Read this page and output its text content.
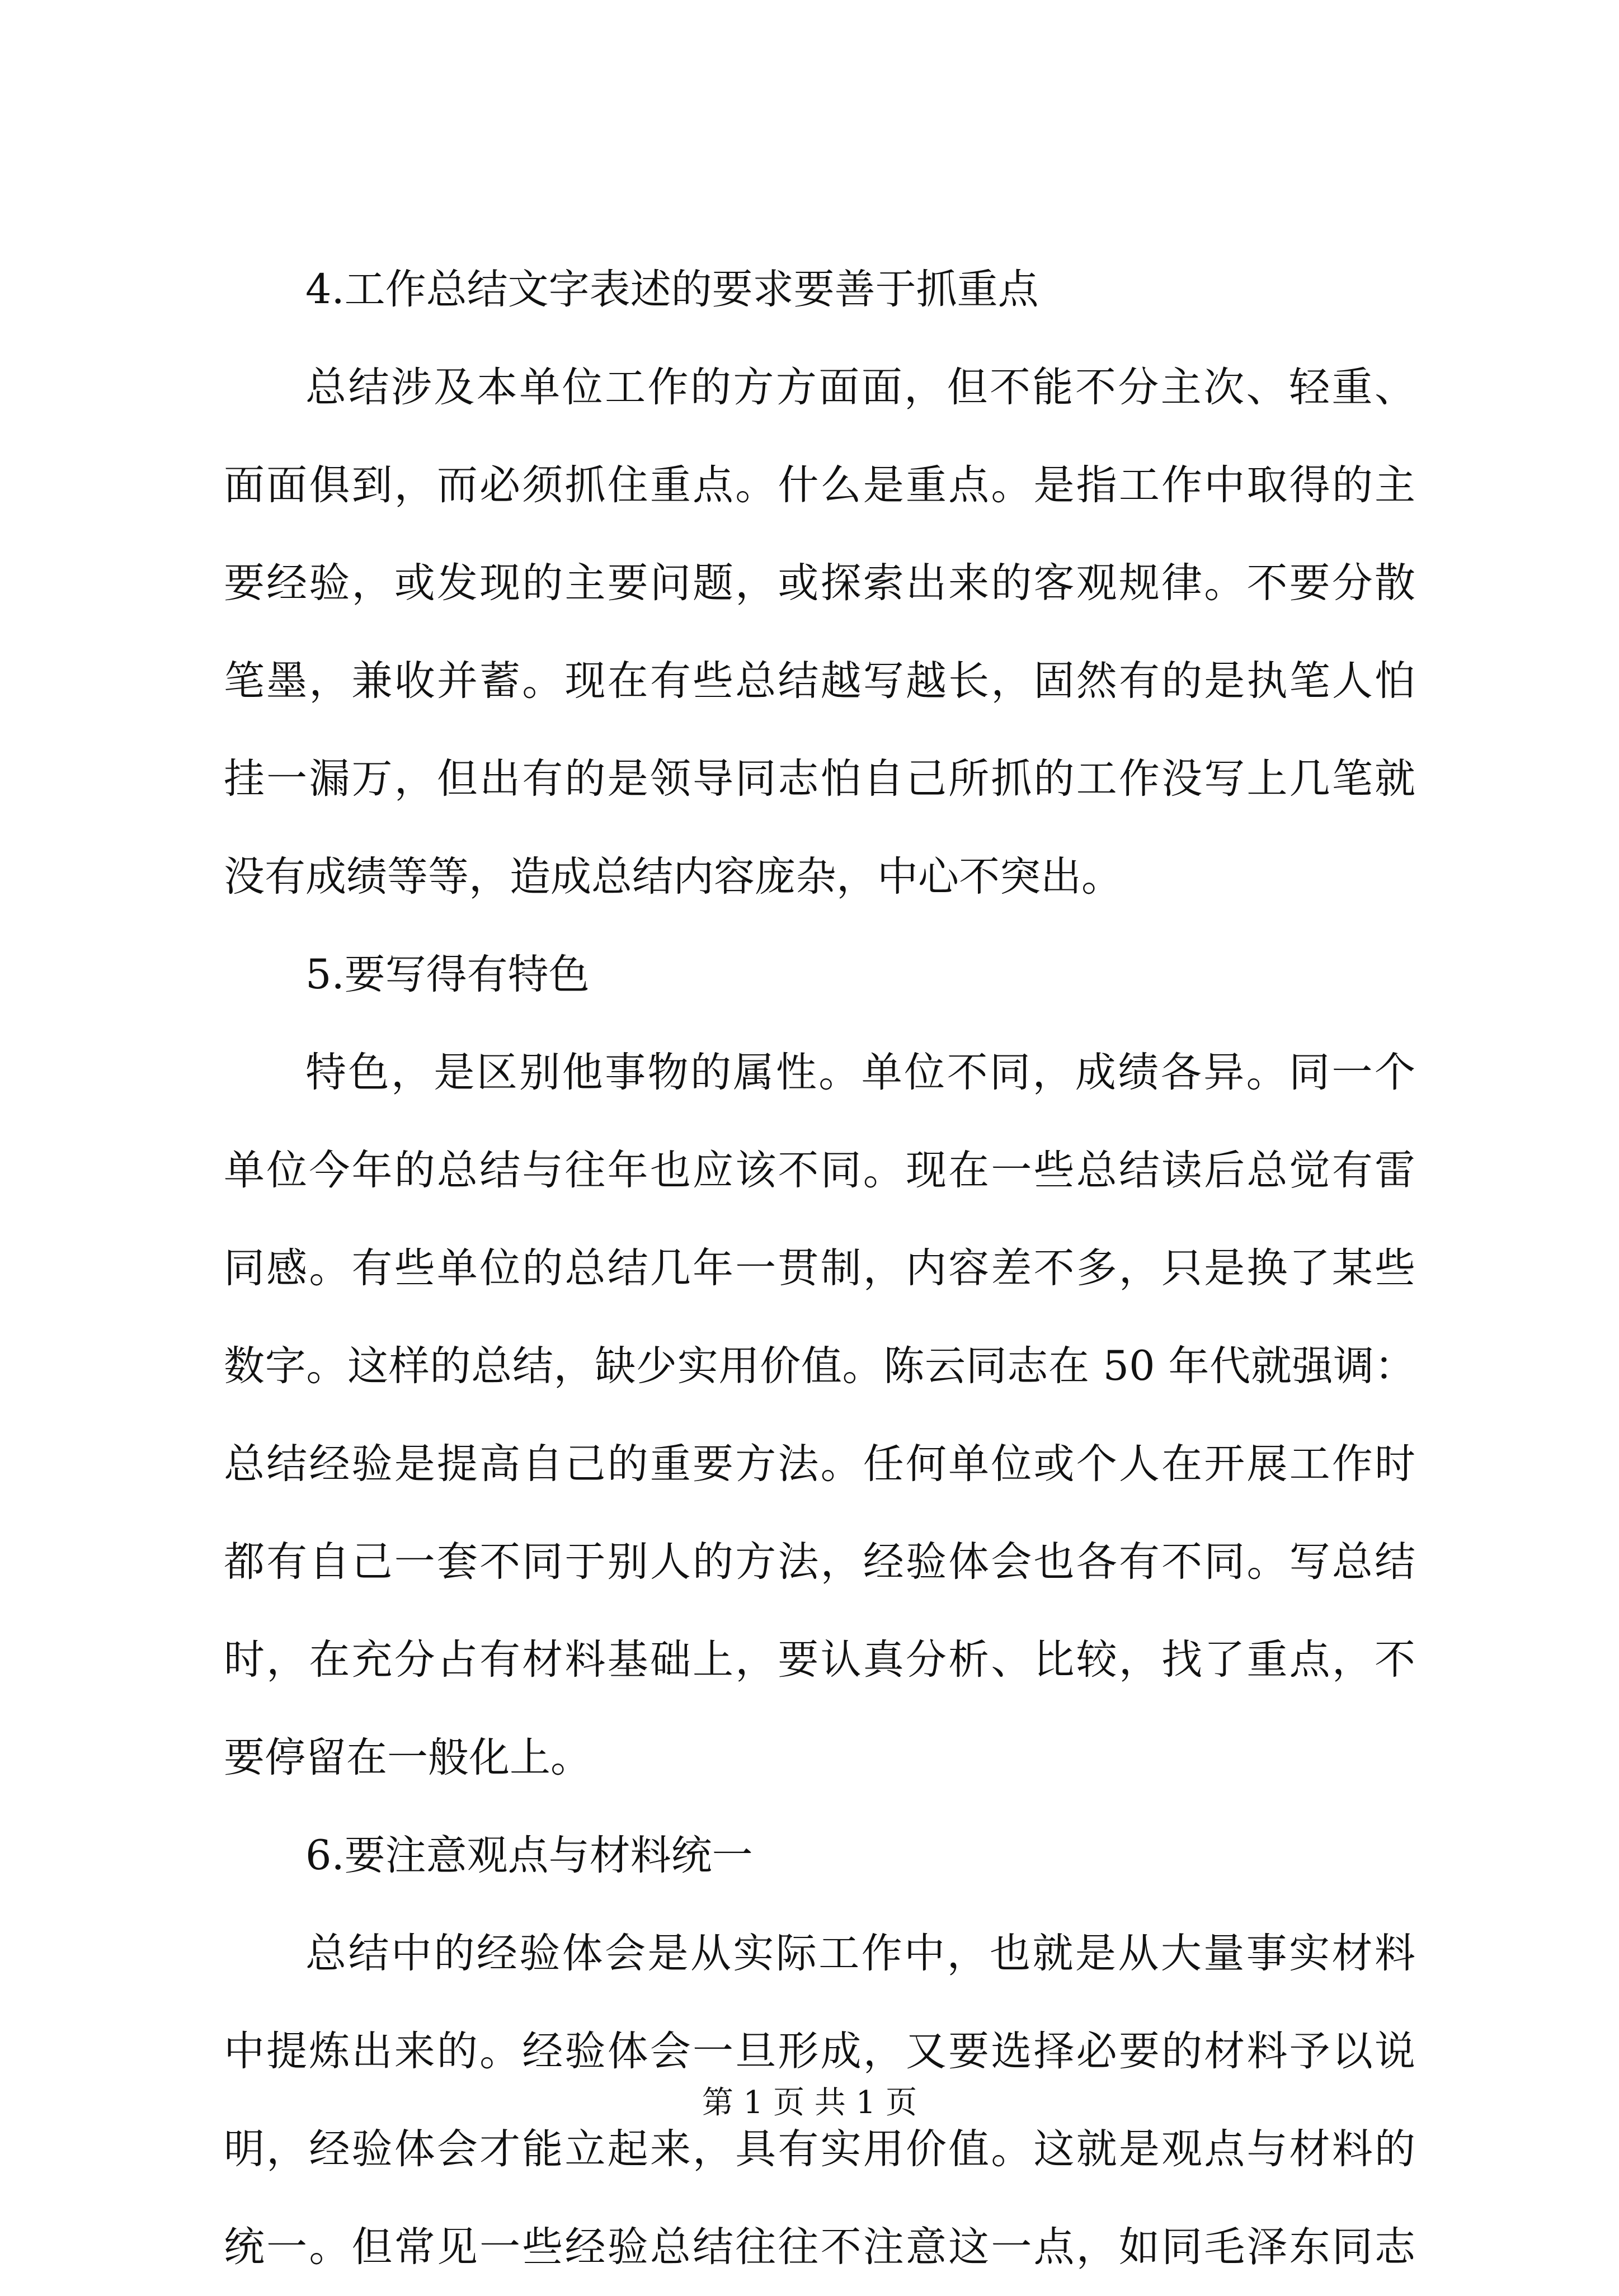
4.工作总结文字表述的要求要善于抓重点
总结涉及本单位工作的方方面面，但不能不分主次、轻重、
面面俱到，而必须抓住重点。什么是重点。是指工作中取得的主
要经验，或发现的主要问题，或探索出来的客观规律。不要分散
笔墨，兼收并蓄。现在有些总结越写越长，固然有的是执笔人怕
挂一漏万，但出有的是领导同志怕自己所抓的工作没写上几笔就
没有成绩等等，造成总结内容庞杂，中心不突出。
5.要写得有特色
特色，是区别他事物的属性。单位不同，成绩各异。同一个
单位今年的总结与往年也应该不同。现在一些总结读后总觉有雷
同感。有些单位的总结几年一贯制，内容差不多，只是换了某些
数字。这样的总结，缺少实用价值。陈云同志在 50 年代就强调：
总结经验是提高自己的重要方法。任何单位或个人在开展工作时
都有自己一套不同于别人的方法，经验体会也各有不同。写总结
时，在充分占有材料基础上，要认真分析、比较，找了重点，不
要停留在一般化上。
6.要注意观点与材料统一
总结中的经验体会是从实际工作中，也就是从大量事实材料
中提炼出来的。经验体会一旦形成，又要选择必要的材料予以说
明，经验体会才能立起来，具有实用价值。这就是观点与材料的
统一。但常见一些经验总结往往不注意这一点，如同毛泽东同志
第 1 页 共 1 页
